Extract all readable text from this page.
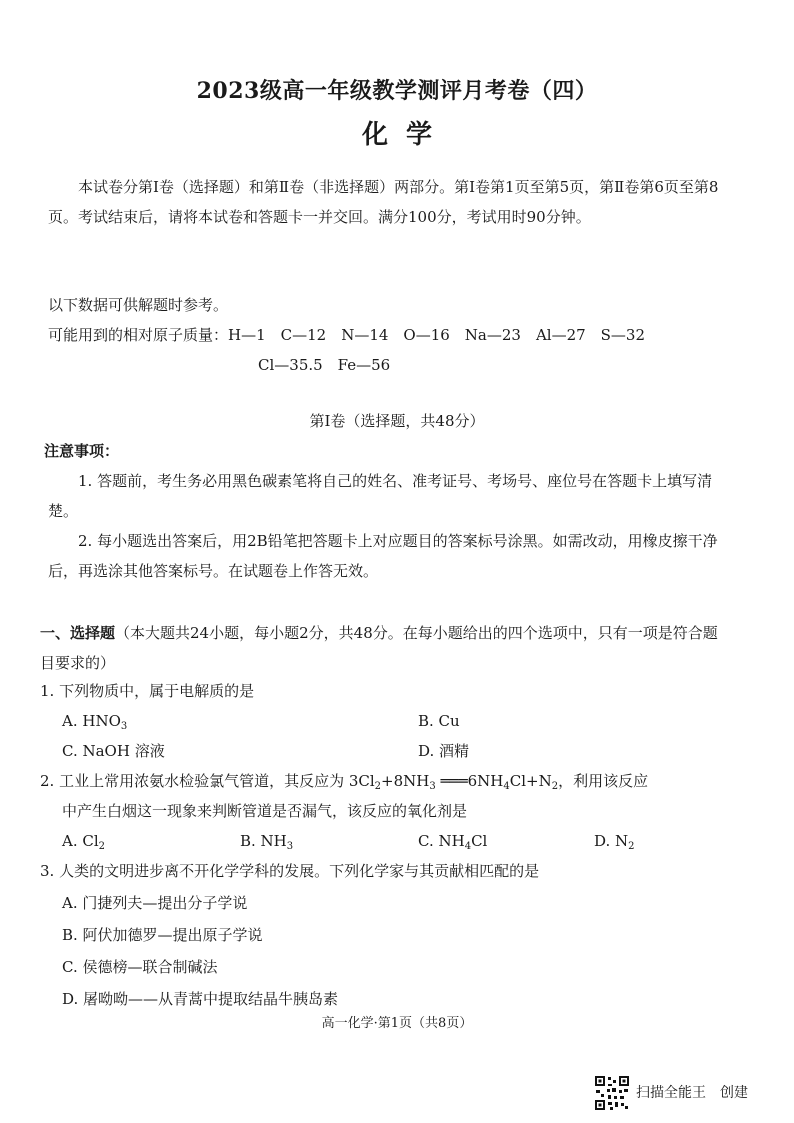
2023级高一年级教学测评月考卷（四）
化学
本试卷分第Ⅰ卷（选择题）和第Ⅱ卷（非选择题）两部分。第Ⅰ卷第1页至第5页，第Ⅱ卷第6页至第8页。考试结束后，请将本试卷和答题卡一并交回。满分100分，考试用时90分钟。
以下数据可供解题时参考。
可能用到的相对原子质量：H—1　C—12　N—14　O—16　Na—23　Al—27　S—32
Cl—35.5　Fe—56
第Ⅰ卷（选择题，共48分）
注意事项：
1. 答题前，考生务必用黑色碳素笔将自己的姓名、准考证号、考场号、座位号在答题卡上填写清楚。
2. 每小题选出答案后，用2B铅笔把答题卡上对应题目的答案标号涂黑。如需改动，用橡皮擦干净后，再选涂其他答案标号。在试题卷上作答无效。
一、选择题（本大题共24小题，每小题2分，共48分。在每小题给出的四个选项中，只有一项是符合题目要求的）
1. 下列物质中，属于电解质的是
A. $HNO_3$	B. Cu
C. NaOH 溶液	D. 酒精
2. 工业上常用浓氨水检验氯气管道，其反应为 $3Cl_2+8NH_3$ $═══6NH_4Cl+N_2$，利用该反应
中产生白烟这一现象来判断管道是否漏气，该反应的氧化剂是
A. $Cl_2$	B. $NH_3$	C. $NH_4Cl$	D. $N_2$
3. 人类的文明进步离不开化学学科的发展。下列化学家与其贡献相匹配的是
A. 门捷列夫—提出分子学说
B. 阿伏加德罗—提出原子学说
C. 侯德榜—联合制碱法
D. 屠呦呦——从青蒿中提取结晶牛胰岛素
高一化学·第1页（共8页）
扫描全能王　创建
